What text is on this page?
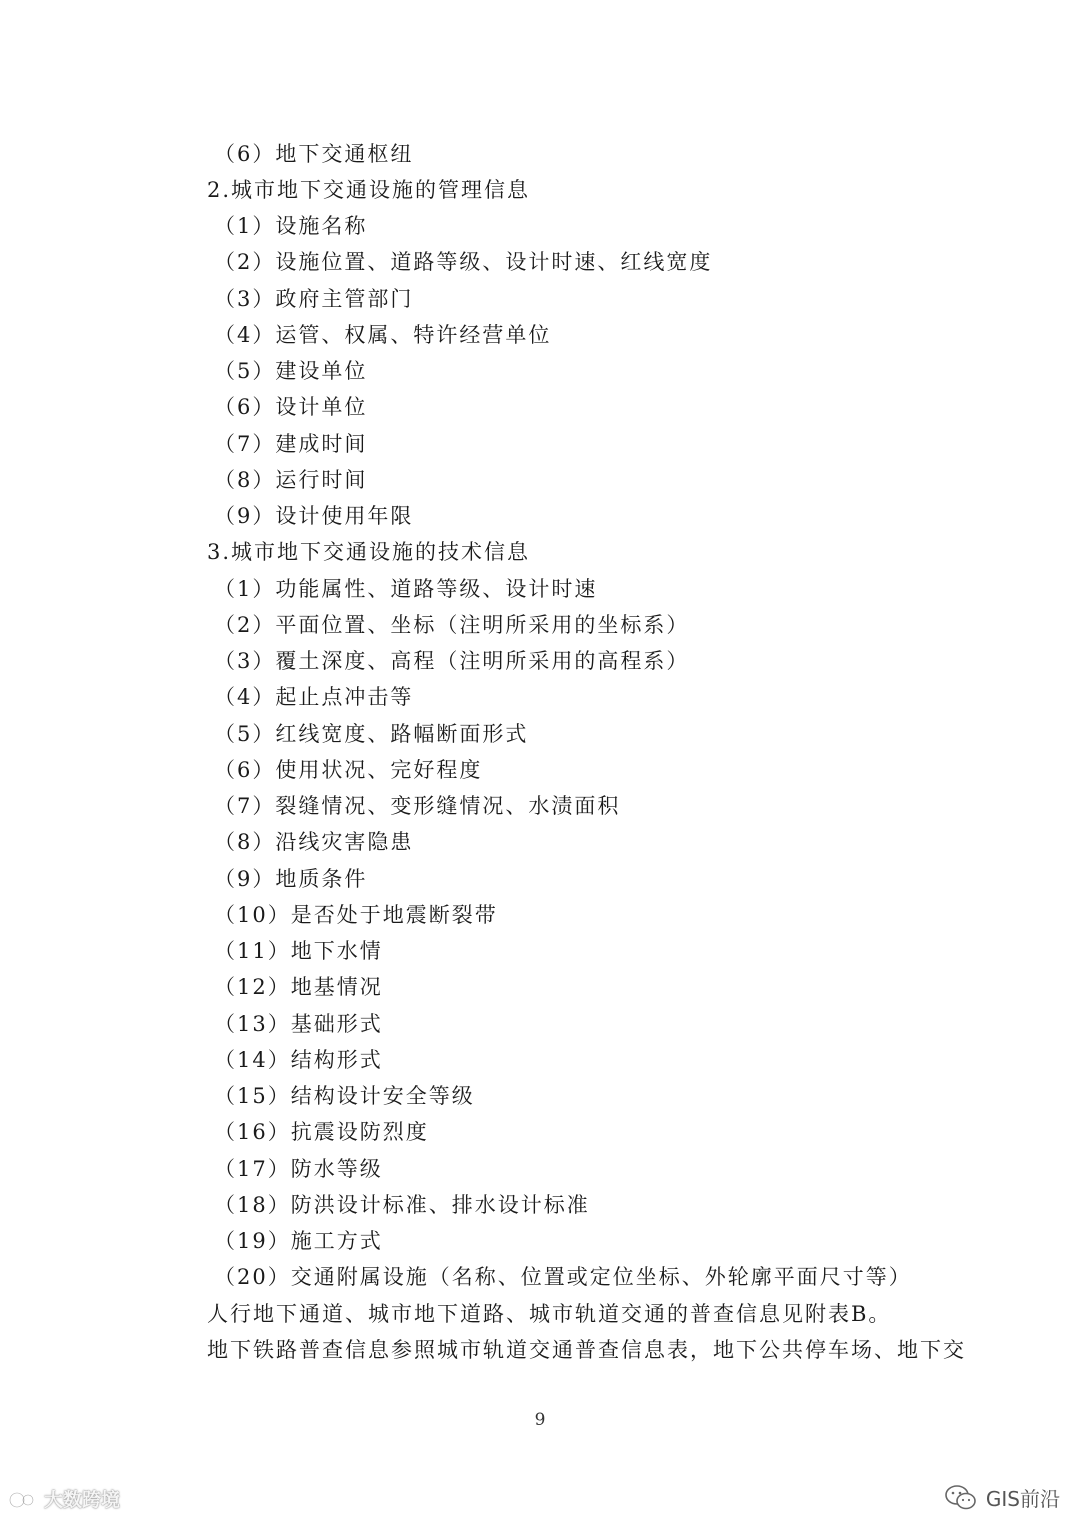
（6）地下交通枢纽
2.城市地下交通设施的管理信息
（1）设施名称
（2）设施位置、道路等级、设计时速、红线宽度
（3）政府主管部门
（4）运管、权属、特许经营单位
（5）建设单位
（6）设计单位
（7）建成时间
（8）运行时间
（9）设计使用年限
3.城市地下交通设施的技术信息
（1）功能属性、道路等级、设计时速
（2）平面位置、坐标（注明所采用的坐标系）
（3）覆土深度、高程（注明所采用的高程系）
（4）起止点冲击等
（5）红线宽度、路幅断面形式
（6）使用状况、完好程度
（7）裂缝情况、变形缝情况、水渍面积
（8）沿线灾害隐患
（9）地质条件
（10）是否处于地震断裂带
（11）地下水情
（12）地基情况
（13）基础形式
（14）结构形式
（15）结构设计安全等级
（16）抗震设防烈度
（17）防水等级
（18）防洪设计标准、排水设计标准
（19）施工方式
（20）交通附属设施（名称、位置或定位坐标、外轮廓平面尺寸等）
人行地下通道、城市地下道路、城市轨道交通的普查信息见附表B。
地下铁路普查信息参照城市轨道交通普查信息表，地下公共停车场、地下交
9
大数跨境	GIS前沿
